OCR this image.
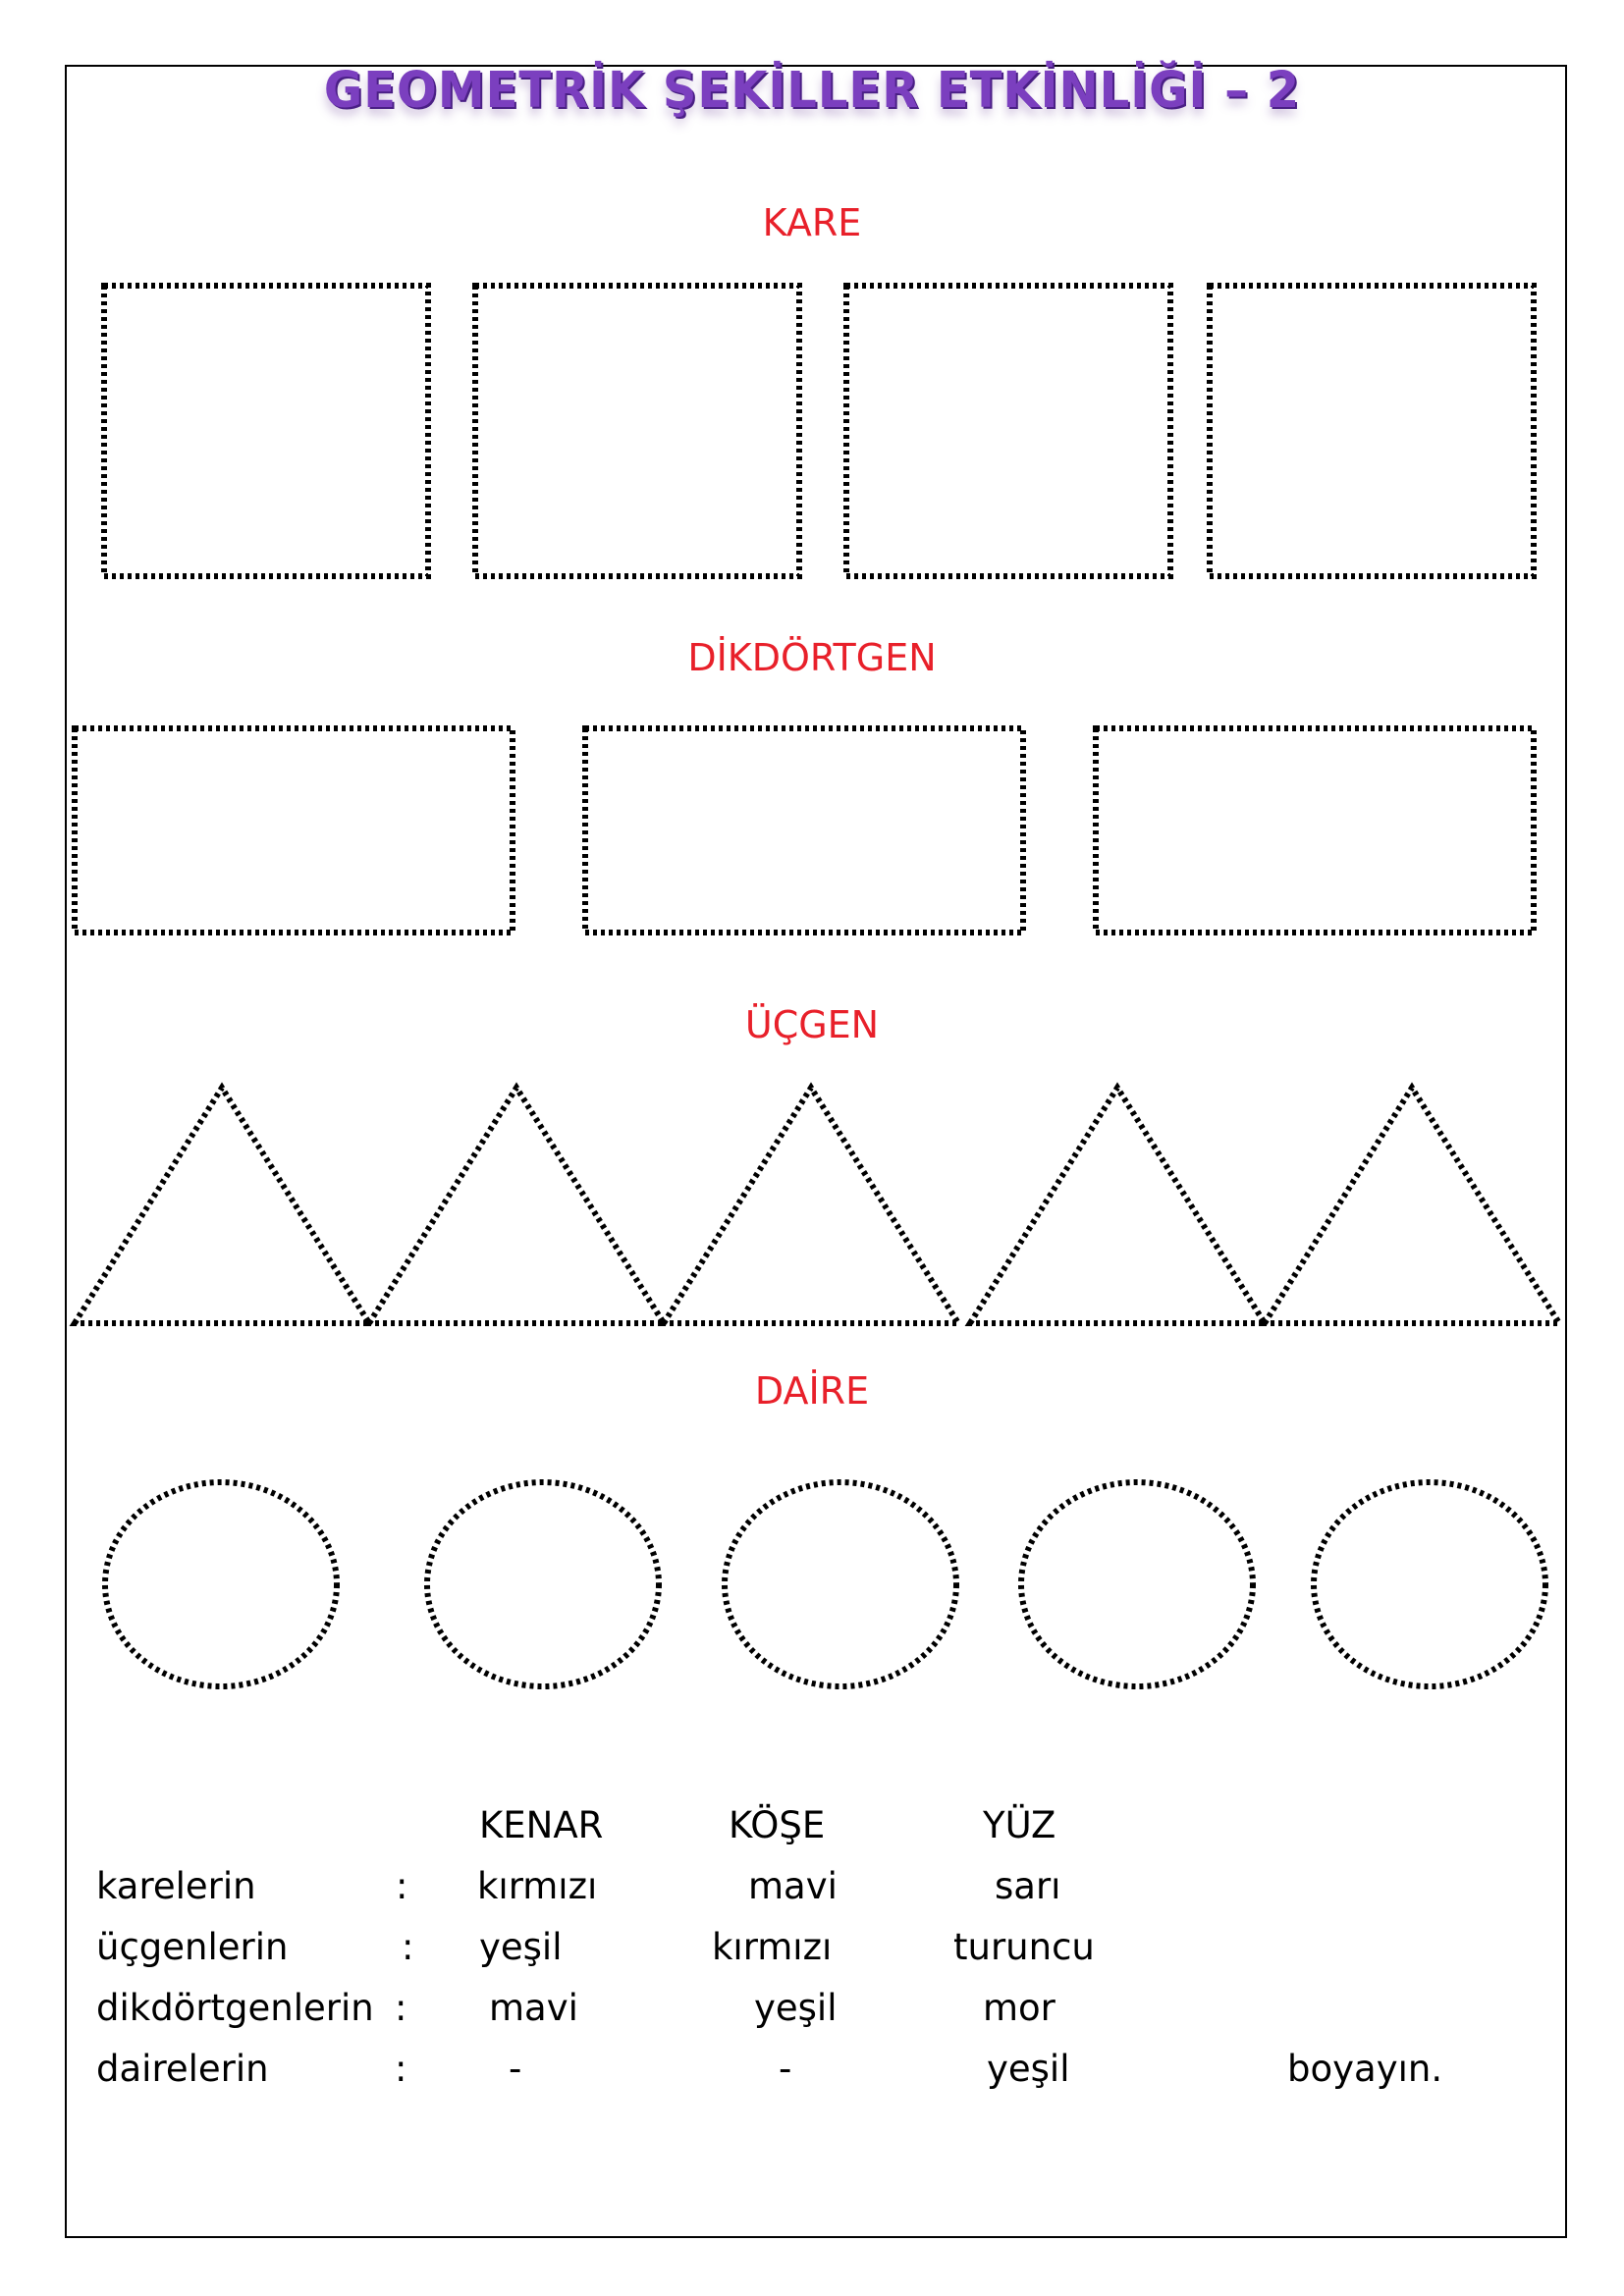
GEOMETRİK ŞEKİLLER ETKİNLİĞİ – 2
KARE
DİKDÖRTGEN
ÜÇGEN
DAİRE
KENAR	KÖŞE	YÜZ
karelerin	: kırmızı	mavi	sarı
üçgenlerin	: yeşil	kırmızı	turuncu
dikdörtgenlerin : mavi	yeşil	mor
dairelerin	:	-	-	yeşil	boyayın.
